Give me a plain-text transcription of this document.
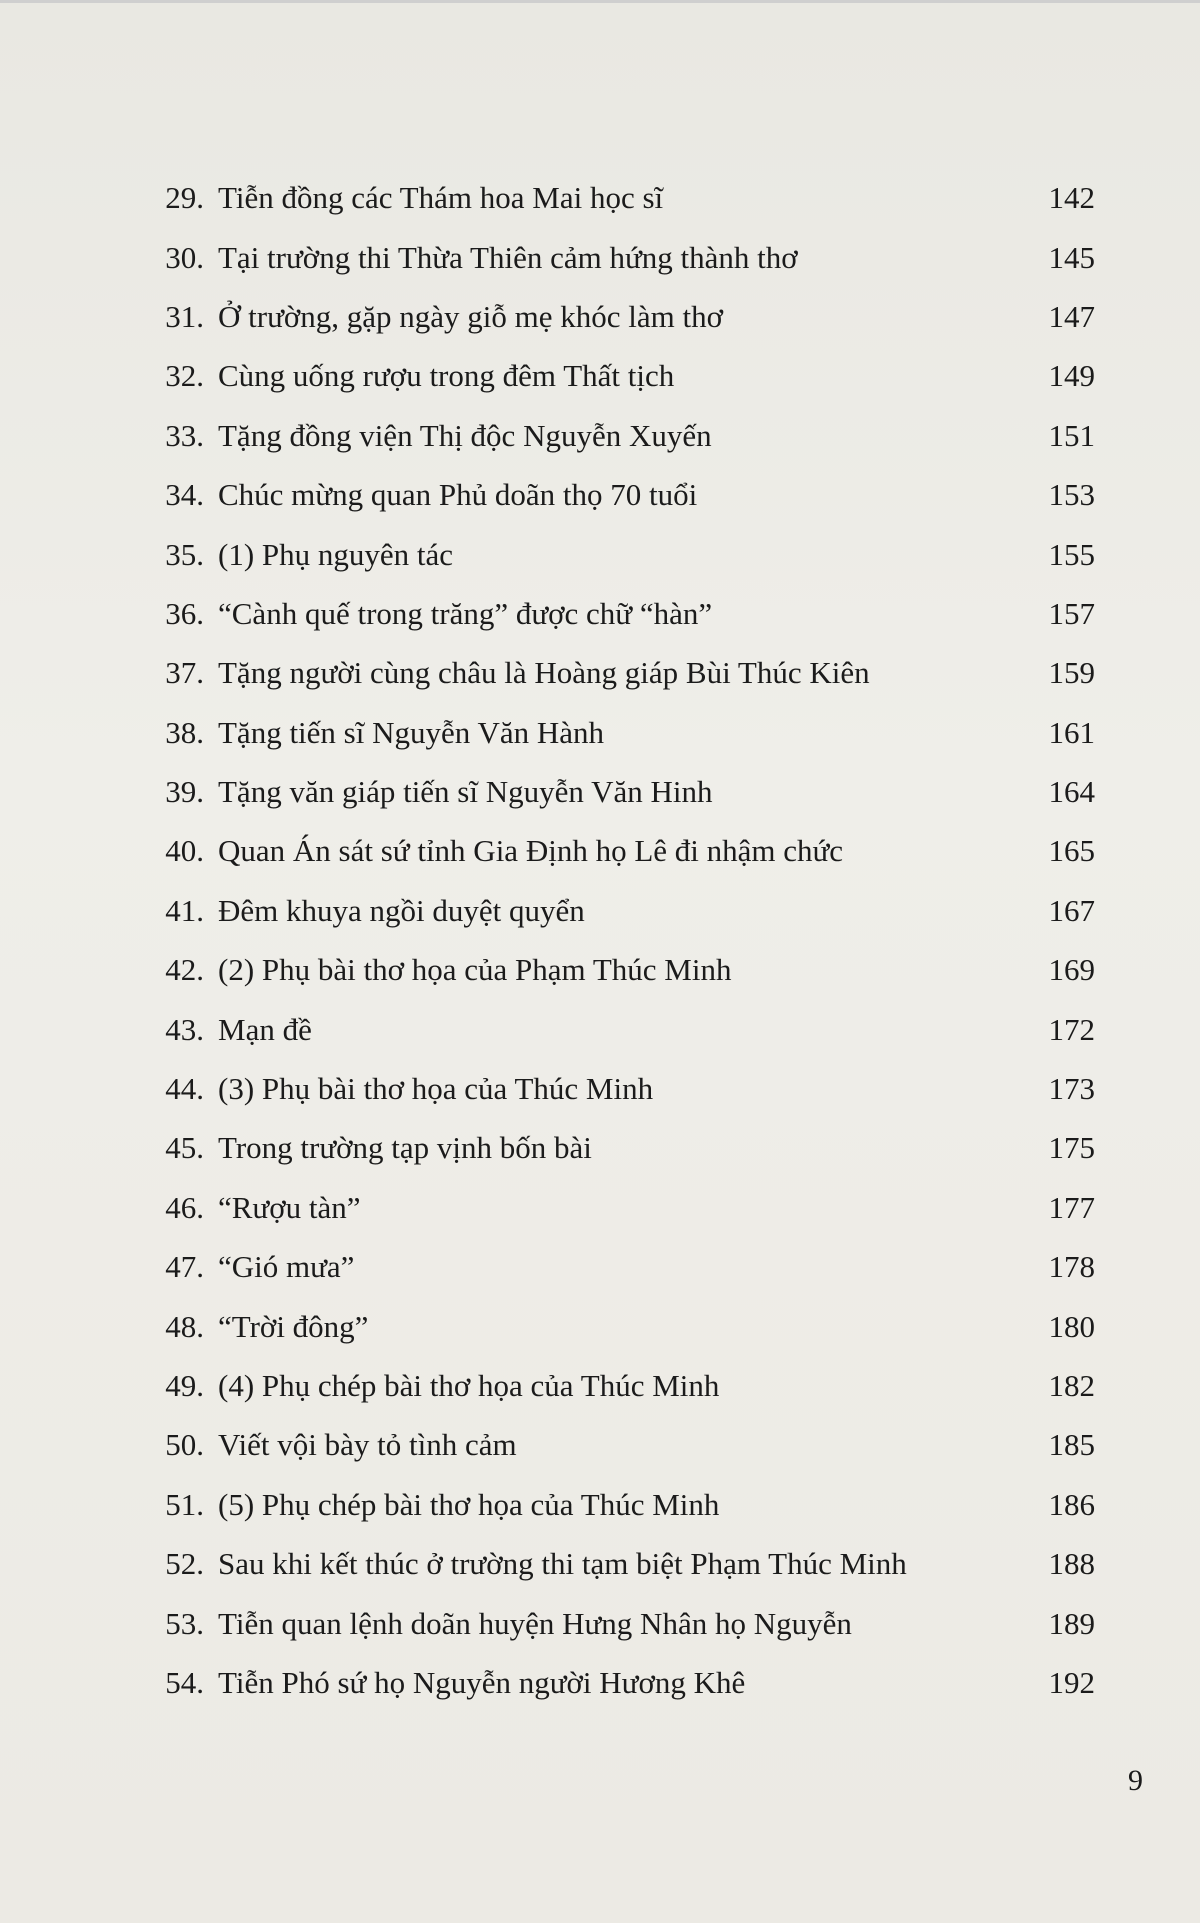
29. Tiễn đồng các Thám hoa Mai học sĩ	142
30. Tại trường thi Thừa Thiên cảm hứng thành thơ	145
31. Ở trường, gặp ngày giỗ mẹ khóc làm thơ	147
32. Cùng uống rượu trong đêm Thất tịch	149
33. Tặng đồng viện Thị độc Nguyễn Xuyến	151
34. Chúc mừng quan Phủ doãn thọ 70 tuổi	153
35. (1) Phụ nguyên tác	155
36. “Cành quế trong trăng” được chữ “hàn”	157
37. Tặng người cùng châu là Hoàng giáp Bùi Thúc Kiên	159
38. Tặng tiến sĩ Nguyễn Văn Hành	161
39. Tặng văn giáp tiến sĩ Nguyễn Văn Hinh	164
40. Quan Án sát sứ tỉnh Gia Định họ Lê đi nhậm chức	165
41. Đêm khuya ngồi duyệt quyển	167
42. (2) Phụ bài thơ họa của Phạm Thúc Minh	169
43. Mạn đề	172
44. (3) Phụ bài thơ họa của Thúc Minh	173
45. Trong trường tạp vịnh bốn bài	175
46. “Rượu tàn”	177
47. “Gió mưa”	178
48. “Trời đông”	180
49. (4) Phụ chép bài thơ họa của Thúc Minh	182
50. Viết vội bày tỏ tình cảm	185
51. (5) Phụ chép bài thơ họa của Thúc Minh	186
52. Sau khi kết thúc ở trường thi tạm biệt Phạm Thúc Minh	188
53. Tiễn quan lệnh doãn huyện Hưng Nhân họ Nguyễn	189
54. Tiễn Phó sứ họ Nguyễn người Hương Khê	192
9
